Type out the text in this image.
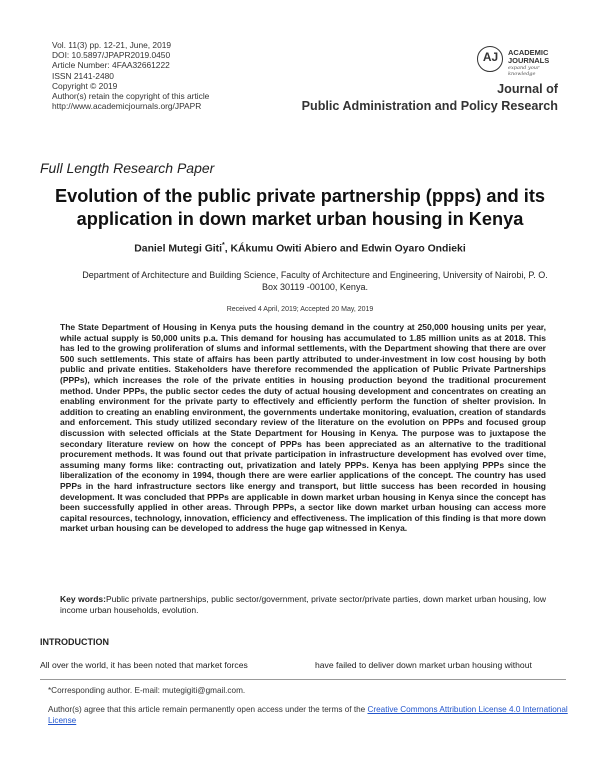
Vol. 11(3) pp. 12-21, June, 2019
DOI: 10.5897/JPAPR2019.0450
Article Number: 4FAA32661222
ISSN 2141-2480
Copyright © 2019
Author(s) retain the copyright of this article
http://www.academicjournals.org/JPAPR
AJ	ACADEMIC
JOURNALS
expand your knowledge
Journal of
Public Administration and Policy Research
Full Length Research Paper
Evolution of the public private partnership (ppps) and its application in down market urban housing in Kenya
Daniel Mutegi Giti*, KÁkumu Owiti Abiero and Edwin Oyaro Ondieki
Department of Architecture and Building Science, Faculty of Architecture and Engineering, University of Nairobi, P. O. Box 30119 -00100, Kenya.
Received 4 April, 2019; Accepted 20 May, 2019
The State Department of Housing in Kenya puts the housing demand in the country at 250,000 housing units per year, while actual supply is 50,000 units p.a. This demand for housing has accumulated to 1.85 million units as at 2018. This has led to the growing proliferation of slums and informal settlements, with the Department showing that there are over 500 such settlements. This state of affairs has been partly attributed to under-investment in low cost housing by both public and private entities. Stakeholders have therefore recommended the application of Public Private Partnerships (PPPs), which increases the role of the private entities in housing production beyond the traditional procurement method. Under PPPs, the public sector cedes the duty of actual housing development and concentrates on creating an enabling environment for the private party to effectively and efficiently perform the function of shelter provision. In addition to creating an enabling environment, the governments undertake monitoring, evaluation, creation of standards and enforcement. This study utilized secondary review of the literature on the evolution on PPPs and focused group discussion with selected officials at the State Department for Housing in Kenya. The purpose was to juxtapose the secondary literature review on how the concept of PPPs has been appreciated as an alternative to the traditional procurement methods. It was found out that private participation in infrastructure development has evolved over time, assuming many forms like: contracting out, privatization and lately PPPs. Kenya has been applying PPPs since the liberalization of the economy in 1994, though there are were earlier applications of the concept. The country has used PPPs in the hard infrastructure sectors like energy and transport, but little success has been recorded in housing development. It was concluded that PPPs are applicable in down market urban housing in Kenya since the concept has been successfully applied in other areas. Through PPPs, a sector like down market urban housing can access more capital resources, technology, innovation, efficiency and effectiveness. The implication of this finding is that more down market urban housing can be developed to address the huge gap witnessed in Kenya.
Key words:Public private partnerships, public sector/government, private sector/private parties, down market urban housing, low income urban households, evolution.
INTRODUCTION
All over the world, it has been noted that market forces	have failed to deliver down market urban housing without
*Corresponding author. E-mail: mutegigiti@gmail.com.
Author(s) agree that this article remain permanently open access under the terms of the Creative Commons Attribution License 4.0 International License
